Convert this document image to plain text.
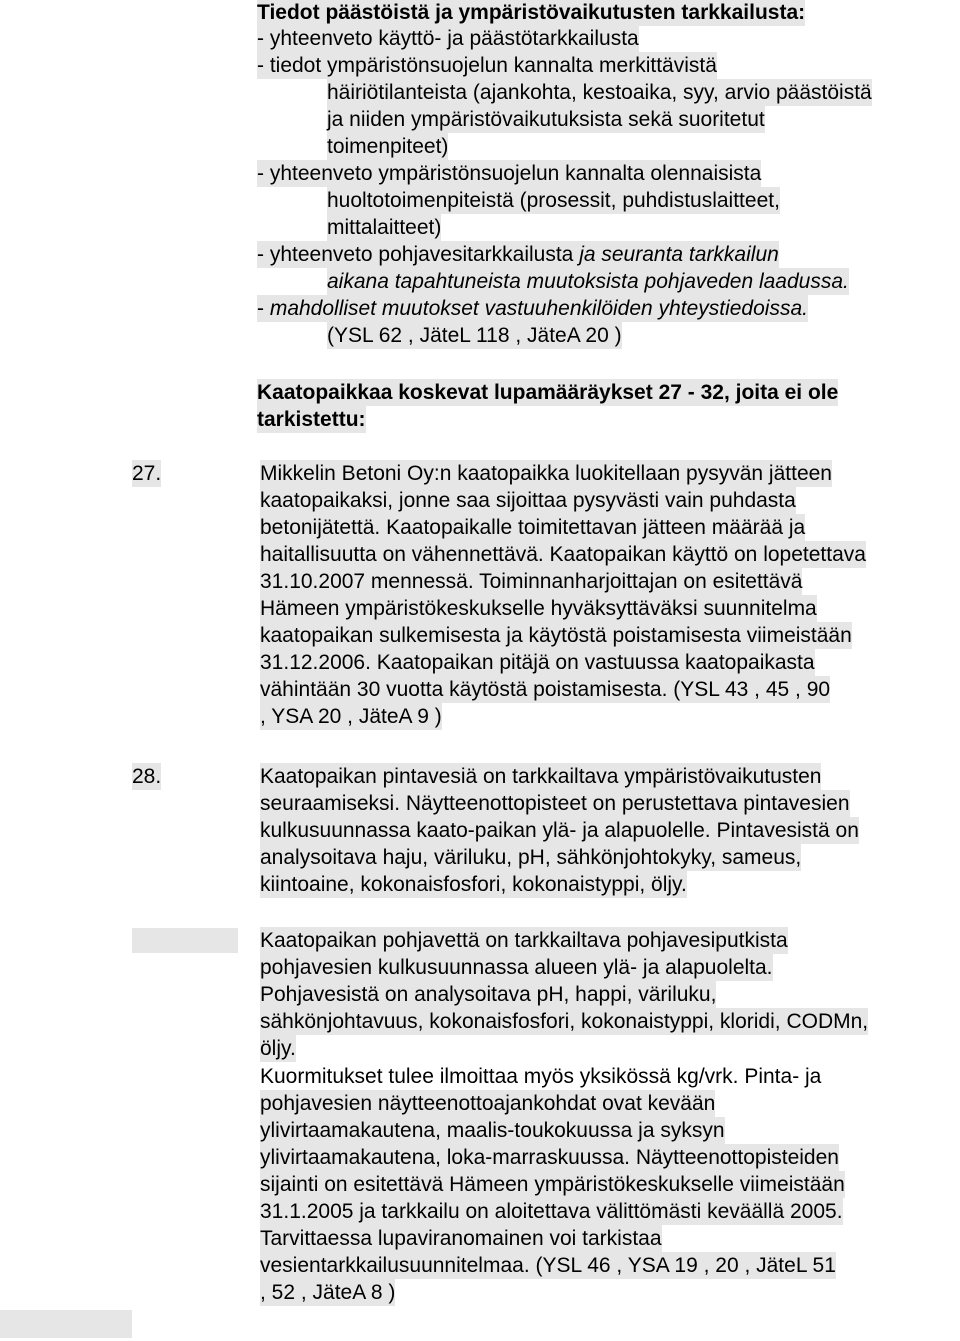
Tiedot päästöistä ja ympäristövaikutusten tarkkailusta:
- yhteenveto käyttö- ja päästötarkkailusta
- tiedot ympäristönsuojelun kannalta merkittävistä
häiriötilanteista (ajankohta, kestoaika, syy, arvio päästöistä
ja niiden ympäristövaikutuksista sekä suoritetut
toimenpiteet)
- yhteenveto ympäristönsuojelun kannalta olennaisista
huoltotoimenpiteistä (prosessit, puhdistuslaitteet,
mittalaitteet)
- yhteenveto pohjavesitarkkailusta ja seuranta tarkkailun
aikana tapahtuneista muutoksista pohjaveden laadussa.
- mahdolliset muutokset vastuuhenkilöiden yhteystiedoissa.
(YSL 62 , JäteL 118 , JäteA 20 )
Kaatopaikkaa koskevat lupamääräykset 27 - 32, joita ei ole
tarkistettu:
27.	Mikkelin Betoni Oy:n kaatopaikka luokitellaan pysyvän jätteen
kaatopaikaksi, jonne saa sijoittaa pysyvästi vain puhdasta
betonijätettä. Kaatopaikalle toimitettavan jätteen määrää ja
haitallisuutta on vähennettävä. Kaatopaikan käyttö on lopetettava
31.10.2007 mennessä. Toiminnanharjoittajan on esitettävä
Hämeen ympäristökeskukselle hyväksyttäväksi suunnitelma
kaatopaikan sulkemisesta ja käytöstä poistamisesta viimeistään
31.12.2006. Kaatopaikan pitäjä on vastuussa kaatopaikasta
vähintään 30 vuotta käytöstä poistamisesta. (YSL 43 , 45 , 90
, YSA 20 , JäteA 9 )
28.	Kaatopaikan pintavesiä on tarkkailtava ympäristövaikutusten
seuraamiseksi. Näytteenottopisteet on perustettava pintavesien
kulkusuunnassa kaato-paikan ylä- ja alapuolelle. Pintavesistä on
analysoitava haju, väriluku, pH, sähkönjohtokyky, sameus,
kiintoaine, kokonaisfosfori, kokonaistyppi, öljy.
Kaatopaikan pohjavettä on tarkkailtava pohjavesiputkista
pohjavesien kulkusuunnassa alueen ylä- ja alapuolelta.
Pohjavesistä on analysoitava pH, happi, väriluku,
sähkönjohtavuus, kokonaisfosfori, kokonaistyppi, kloridi, CODMn,
öljy.
Kuormitukset tulee ilmoittaa myös yksikössä kg/vrk. Pinta- ja
pohjavesien näytteenottoajankohdat ovat kevään
ylivirtaamakautena, maalis-toukokuussa ja syksyn
ylivirtaamakautena, loka-marraskuussa. Näytteenottopisteiden
sijainti on esitettävä Hämeen ympäristökeskukselle viimeistään
31.1.2005 ja tarkkailu on aloitettava välittömästi keväällä 2005.
Tarvittaessa lupaviranomainen voi tarkistaa
vesientarkkailusuunnitelmaa. (YSL 46 , YSA 19 , 20 , JäteL 51
, 52 , JäteA 8 )
